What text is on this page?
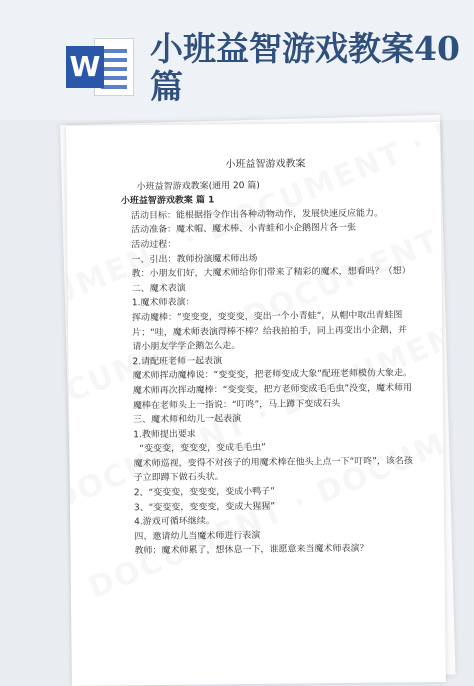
W 小班益智游戏教案40篇

小班益智游戏教案

小班益智游戏教案(通用 20 篇)

小班益智游戏教案 篇 1

活动目标：能根据指令作出各种动物动作，发展快速反应能力。

活动准备：魔术帽、魔术棒、小青蛙和小企鹅图片各一张

活动过程：

一、引出：教师扮演魔术师出场

教：小朋友们好，大魔术师给你们带来了精彩的魔术，想看吗？（想）

二、魔术表演

1.魔术师表演：

挥动魔棒：“变变变，变变变，变出一个小青蛙”，从帽中取出青蛙图片；“哇，魔术师表演得棒不棒？给我拍拍手，同上再变出小企鹅，并请小朋友学学企鹅怎么走。

2.请配班老师一起表演

魔术师挥动魔棒说：“变变变，把老师变成大象”配班老师模仿大象走。

魔术师再次挥动魔棒：“变变变，把方老师变成毛毛虫”没变，魔术师用魔棒在老师头上一指说：“叮咚”，马上蹲下变成石头

三、魔术师和幼儿一起表演

1.教师提出要求

“变变变，变变变，变成毛毛虫”

魔术师巡视，变得不对孩子的用魔术棒在他头上点一下“叮咚”，该名孩子立即蹲下做石头状。

2、“变变变，变变变，变成小鸭子”

3、“变变变，变变变，变成大猩猩”

4.游戏可循环继续。

四、邀请幼儿当魔术师进行表演

教师：魔术师累了，想休息一下，谁愿意来当魔术师表演？
